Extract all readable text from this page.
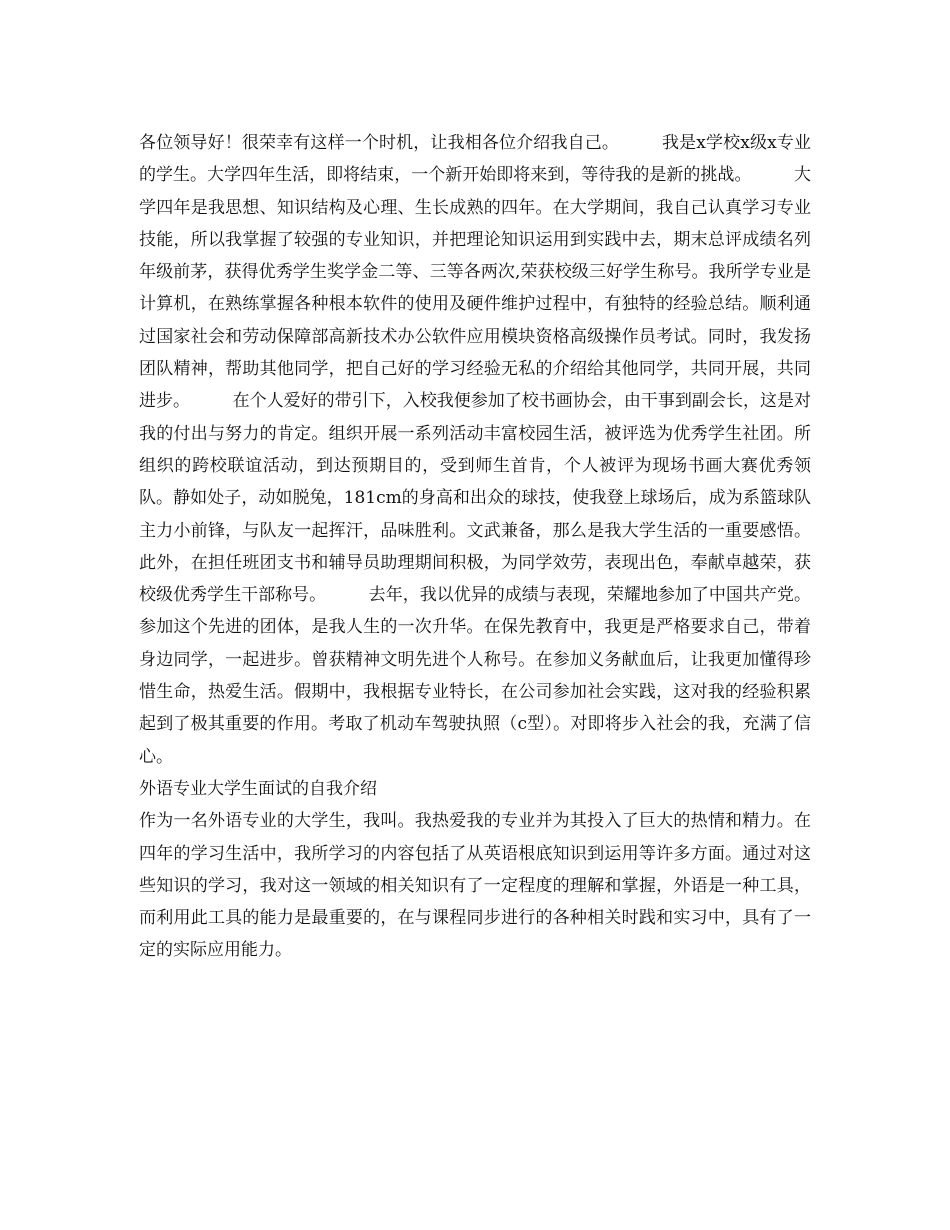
各位领导好！很荣幸有这样一个时机，让我相各位介绍我自己。　　　我是x学校x级x专业的学生。大学四年生活，即将结束，一个新开始即将来到，等待我的是新的挑战。　　　大学四年是我思想、知识结构及心理、生长成熟的四年。在大学期间，我自己认真学习专业技能，所以我掌握了较强的专业知识，并把理论知识运用到实践中去，期末总评成绩名列年级前茅，获得优秀学生奖学金二等、三等各两次,荣获校级三好学生称号。我所学专业是计算机，在熟练掌握各种根本软件的使用及硬件维护过程中，有独特的经验总结。顺利通过国家社会和劳动保障部高新技术办公软件应用模块资格高级操作员考试。同时，我发扬团队精神，帮助其他同学，把自己好的学习经验无私的介绍给其他同学，共同开展，共同进步。　　　在个人爱好的带引下，入校我便参加了校书画协会，由干事到副会长，这是对我的付出与努力的肯定。组织开展一系列活动丰富校园生活，被评选为优秀学生社团。所组织的跨校联谊活动，到达预期目的，受到师生首肯，个人被评为现场书画大赛优秀领队。静如处子，动如脱兔，181cm的身高和出众的球技，使我登上球场后，成为系篮球队主力小前锋，与队友一起挥汗，品味胜利。文武兼备，那么是我大学生活的一重要感悟。此外，在担任班团支书和辅导员助理期间积极，为同学效劳，表现出色，奉献卓越荣，获校级优秀学生干部称号。　　　去年，我以优异的成绩与表现，荣耀地参加了中国共产党。参加这个先进的团体，是我人生的一次升华。在保先教育中，我更是严格要求自己，带着身边同学，一起进步。曾获精神文明先进个人称号。在参加义务献血后，让我更加懂得珍惜生命，热爱生活。假期中，我根据专业特长，在公司参加社会实践，这对我的经验积累起到了极其重要的作用。考取了机动车驾驶执照（c型）。对即将步入社会的我，充满了信心。

外语专业大学生面试的自我介绍

作为一名外语专业的大学生，我叫。我热爱我的专业并为其投入了巨大的热情和精力。在四年的学习生活中，我所学习的内容包括了从英语根底知识到运用等许多方面。通过对这些知识的学习，我对这一领域的相关知识有了一定程度的理解和掌握，外语是一种工具，而利用此工具的能力是最重要的，在与课程同步进行的各种相关时践和实习中，具有了一定的实际应用能力。
